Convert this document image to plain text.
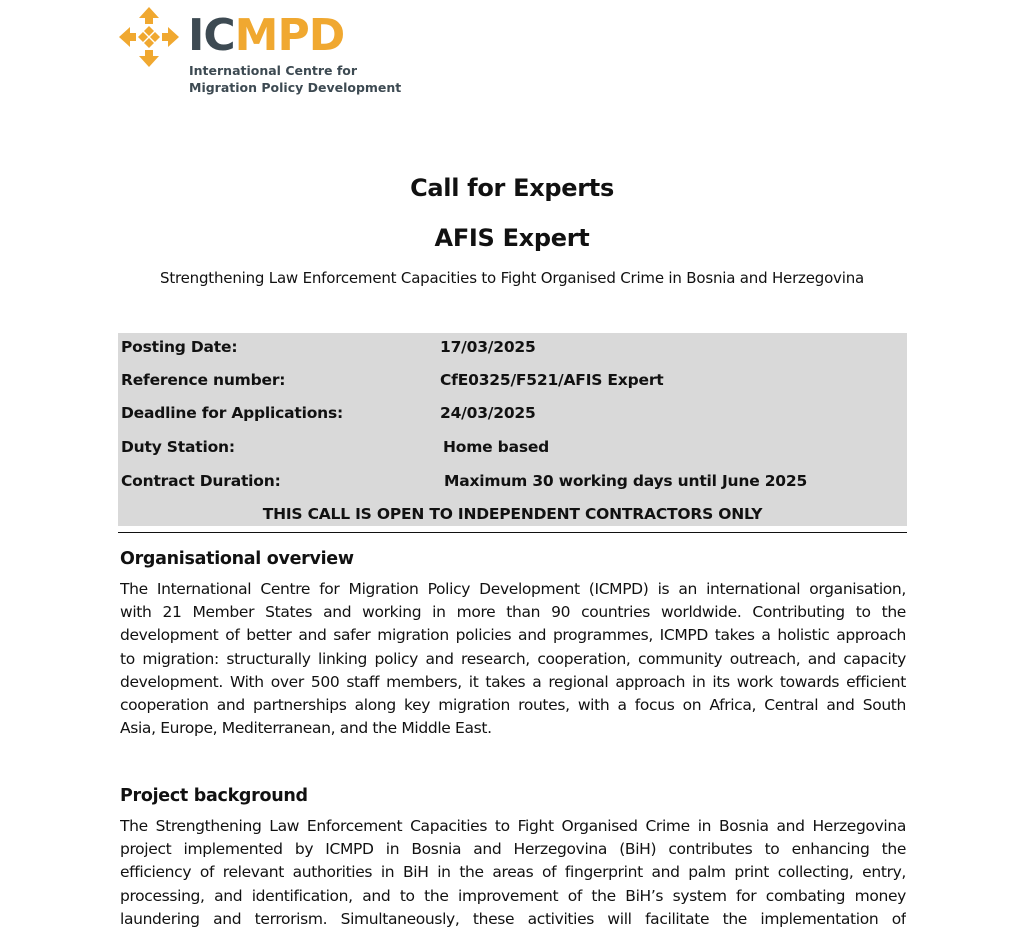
ICMPD
International Centre for
Migration Policy Development
Call for Experts
AFIS Expert
Strengthening Law Enforcement Capacities to Fight Organised Crime in Bosnia and Herzegovina
Posting Date:	17/03/2025
Reference number:	CfE0325/F521/AFIS Expert
Deadline for Applications:	24/03/2025
Duty Station:	Home based
Contract Duration:	Maximum 30 working days until June 2025
THIS CALL IS OPEN TO INDEPENDENT CONTRACTORS ONLY
Organisational overview
The International Centre for Migration Policy Development (ICMPD) is an international organisation,
with 21 Member States and working in more than 90 countries worldwide. Contributing to the
development of better and safer migration policies and programmes, ICMPD takes a holistic approach
to migration: structurally linking policy and research, cooperation, community outreach, and capacity
development. With over 500 staff members, it takes a regional approach in its work towards efficient
cooperation and partnerships along key migration routes, with a focus on Africa, Central and South
Asia, Europe, Mediterranean, and the Middle East.
Project background
The Strengthening Law Enforcement Capacities to Fight Organised Crime in Bosnia and Herzegovina
project implemented by ICMPD in Bosnia and Herzegovina (BiH) contributes to enhancing the
efficiency of relevant authorities in BiH in the areas of fingerprint and palm print collecting, entry,
processing, and identification, and to the improvement of the BiH’s system for combating money
laundering and terrorism. Simultaneously, these activities will facilitate the implementation of
